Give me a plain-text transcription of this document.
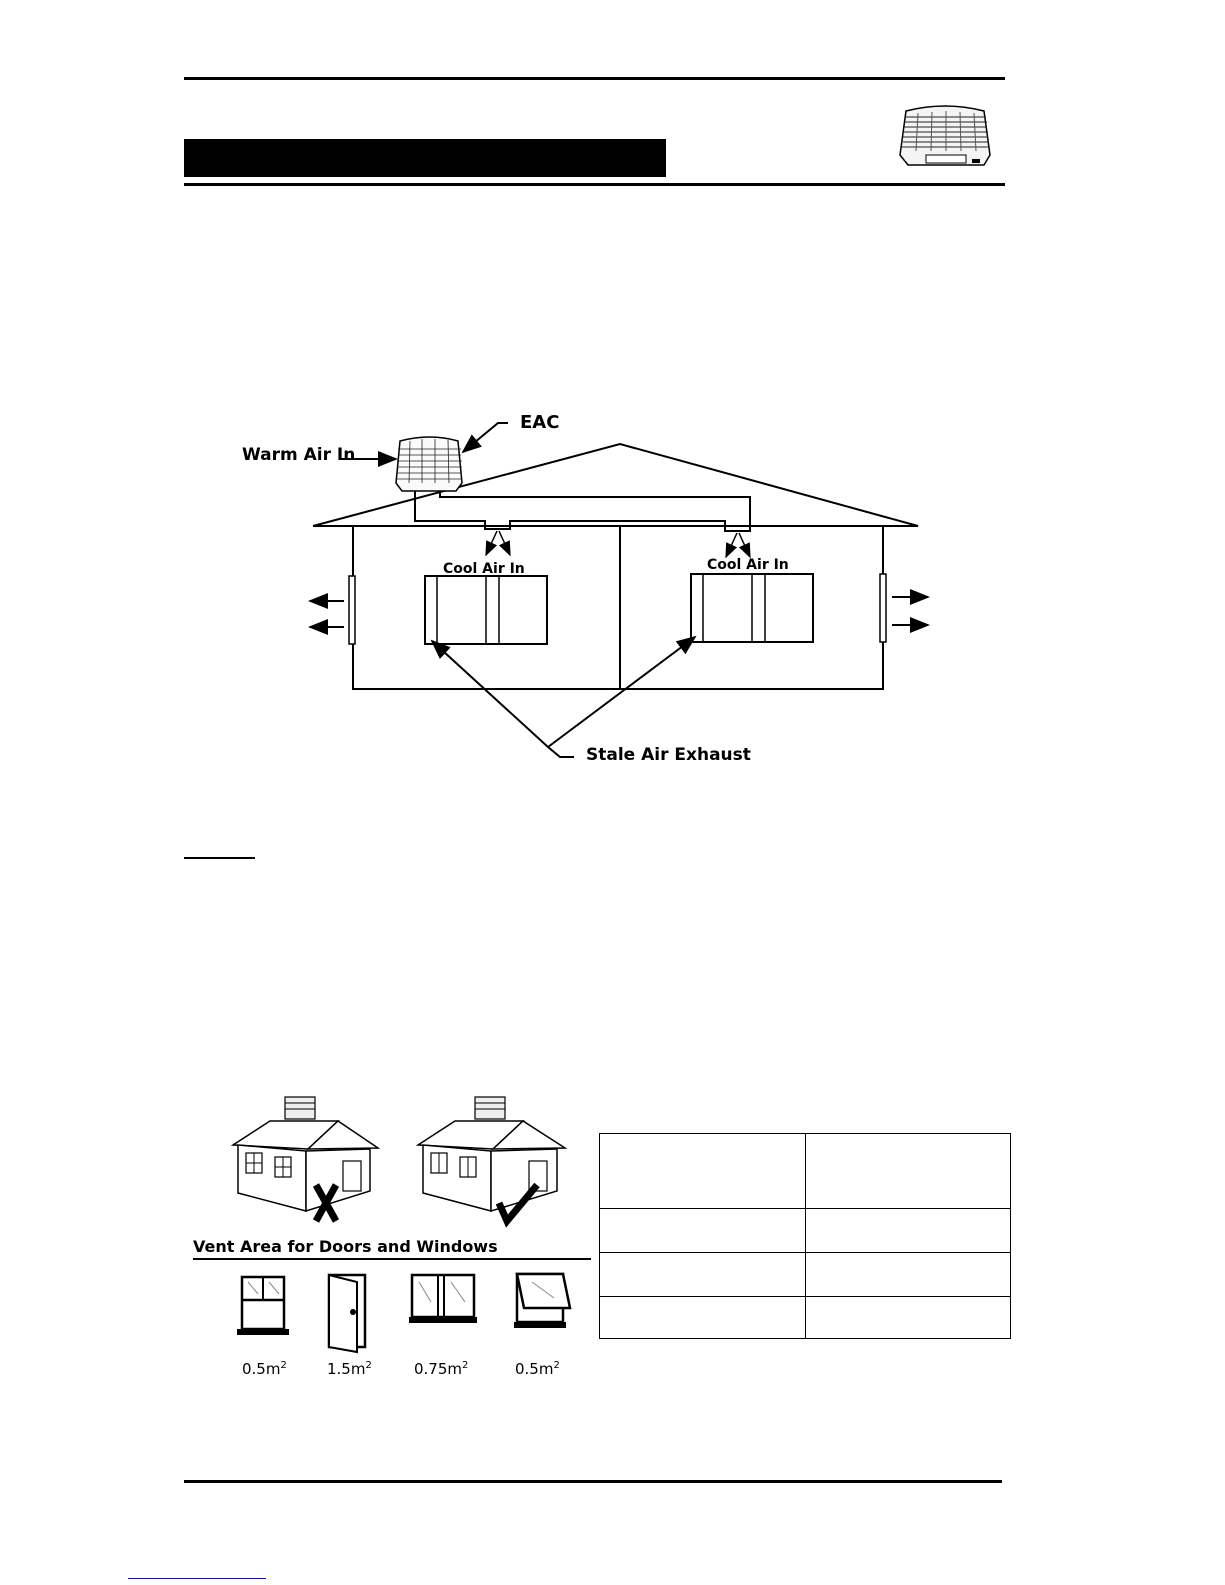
EAC
Warm Air In
Cool Air In	Cool Air In
Stale Air Exhaust
Vent Area for Doors and Windows
$0.5m^2$	$1.5m^2$	$0.75m^2$	$0.5m^2$
